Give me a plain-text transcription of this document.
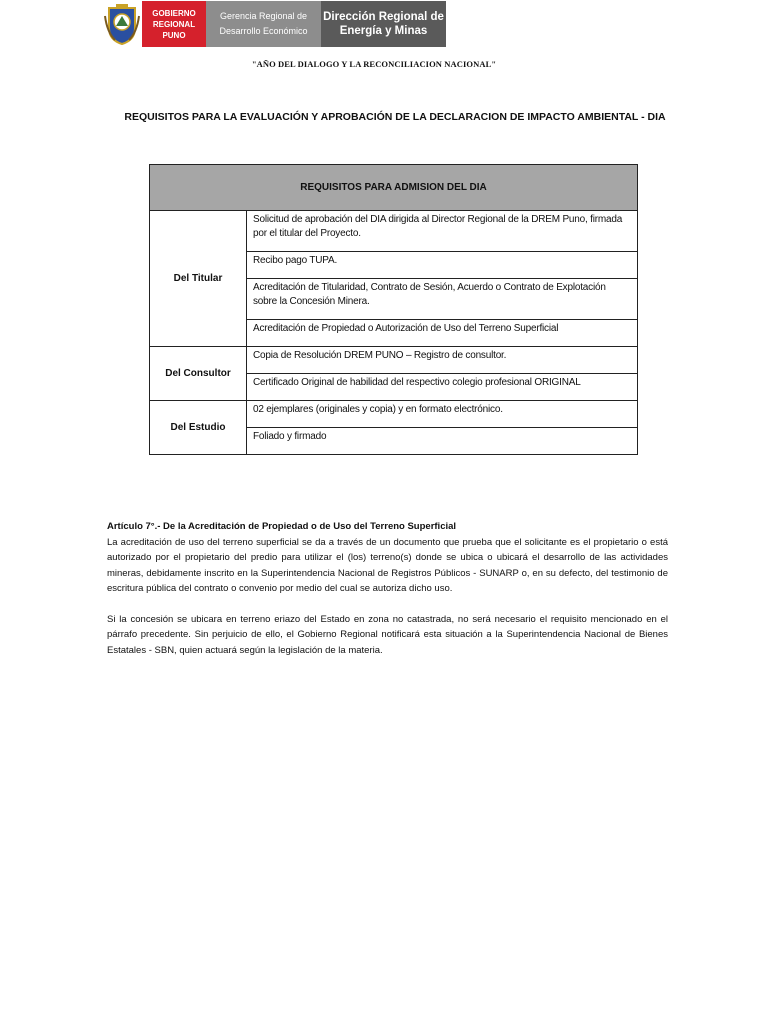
GOBIERNO
REGIONAL PUNO
Gerencia Regional de
Desarrollo Económico
Dirección Regional de
Energía y Minas
"AÑO DEL DIALOGO Y LA RECONCILIACION NACIONAL"
REQUISITOS PARA LA EVALUACIÓN Y APROBACIÓN DE LA DECLARACION DE IMPACTO AMBIENTAL - DIA
REQUISITOS PARA ADMISION DEL DIA	
Del Titular	Solicitud de aprobación del DIA dirigida al Director Regional de la DREM Puno, firmada por el titular del Proyecto.
	Recibo pago TUPA.
	Acreditación de Titularidad, Contrato de Sesión, Acuerdo o Contrato de Explotación sobre la Concesión Minera.
	Acreditación de Propiedad o Autorización de Uso del Terreno Superficial
Del Consultor	Copia de Resolución DREM PUNO – Registro de consultor.
	Certificado Original de habilidad del respectivo colegio profesional ORIGINAL
Del Estudio	02 ejemplares (originales y copia) y en formato electrónico.
	Foliado y firmado

Artículo 7°.- De la Acreditación de Propiedad o de Uso del Terreno Superficial
La acreditación de uso del terreno superficial se da a través de un documento que prueba que el solicitante es el propietario o está autorizado por el propietario del predio para utilizar el (los) terreno(s) donde se ubica o ubicará el desarrollo de las actividades mineras, debidamente inscrito en la Superintendencia Nacional de Registros Públicos - SUNARP o, en su defecto, del testimonio de escritura pública del contrato o convenio por medio del cual se autoriza dicho uso.

Si la concesión se ubicara en terreno eriazo del Estado en zona no catastrada, no será necesario el requisito mencionado en el párrafo precedente. Sin perjuicio de ello, el Gobierno Regional notificará esta situación a la Superintendencia Nacional de Bienes Estatales - SBN, quien actuará según la legislación de la materia.
